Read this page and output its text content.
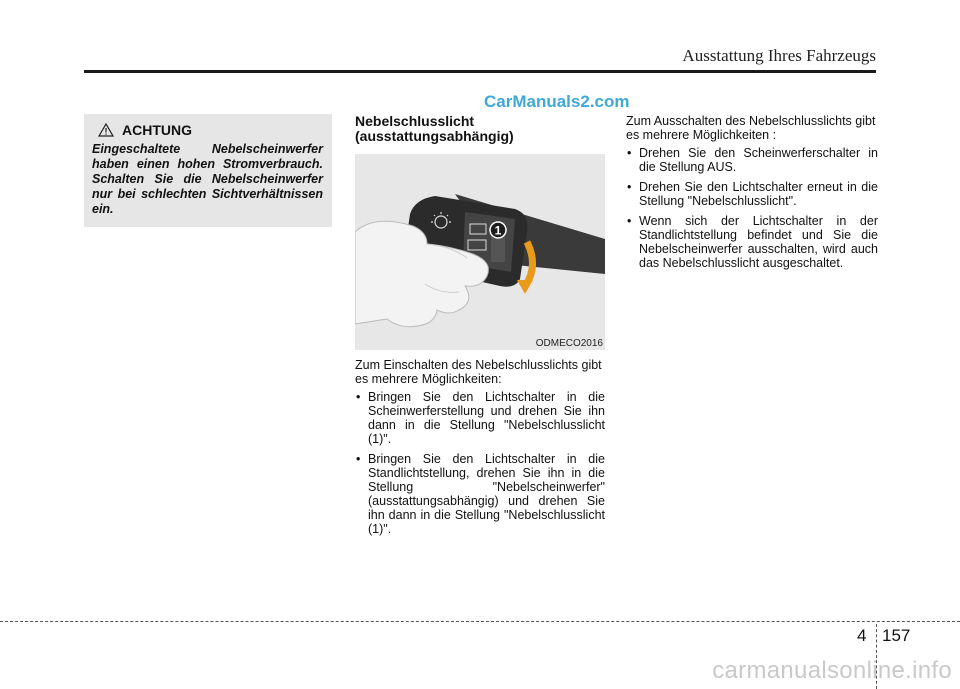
Ausstattung Ihres Fahrzeugs
CarManuals2.com
ACHTUNG

Eingeschaltete Nebelscheinwerfer haben einen hohen Stromverbrauch. Schalten Sie die Nebelscheinwerfer nur bei schlechten Sichtverhältnissen ein.

Nebelschlusslicht (ausstattungsabhängig)
1
ODMECO2016

Zum Einschalten des Nebelschlusslichts gibt es mehrere Möglichkeiten:

• Bringen Sie den Lichtschalter in die Scheinwerferstellung und drehen Sie ihn dann in die Stellung "Nebelschlusslicht (1)".
• Bringen Sie den Lichtschalter in die Standlichtstellung, drehen Sie ihn in die Stellung "Nebelscheinwerfer" (ausstattungsabhängig) und drehen Sie ihn dann in die Stellung "Nebelschlusslicht (1)".

Zum Ausschalten des Nebelschlusslichts gibt es mehrere Möglichkeiten :

• Drehen Sie den Scheinwerferschalter in die Stellung AUS.
• Drehen Sie den Lichtschalter erneut in die Stellung "Nebelschlusslicht".
• Wenn sich der Lichtschalter in der Standlichtstellung befindet und Sie die Nebelscheinwerfer ausschalten, wird auch das Nebelschlusslicht ausgeschaltet.
4 157
carmanualsonline.info
